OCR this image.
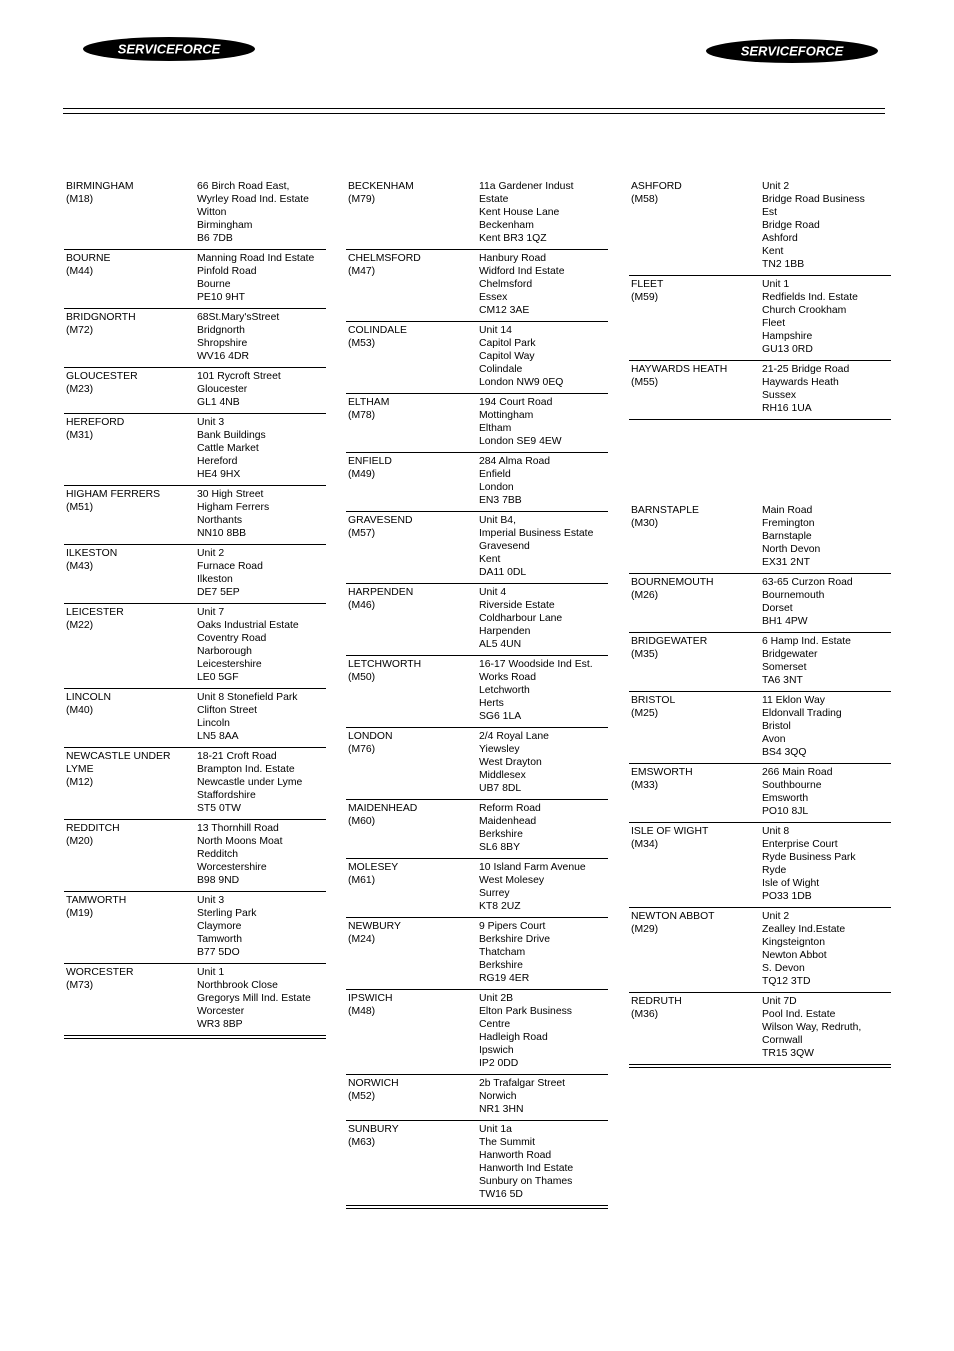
SERVICEFORCE	SERVICEFORCE
BIRMINGHAM
(M18)
66 Birch Road East,
Wyrley Road Ind. Estate
Witton
Birmingham
B6 7DB
BOURNE
(M44)
Manning Road Ind Estate
Pinfold Road
Bourne
PE10 9HT
BRIDGNORTH
(M72)
68St.Mary'sStreet
Bridgnorth
Shropshire
WV16 4DR
GLOUCESTER
(M23)
101 Rycroft Street
Gloucester
GL1 4NB
HEREFORD
(M31)
Unit 3
Bank Buildings
Cattle Market
Hereford
HE4 9HX
HIGHAM FERRERS
(M51)
30 High Street
Higham Ferrers
Northants
NN10 8BB
ILKESTON
(M43)
Unit 2
Furnace Road
Ilkeston
DE7 5EP
LEICESTER
(M22)
Unit 7
Oaks Industrial Estate
Coventry Road
Narborough
Leicestershire
LE0 5GF
LINCOLN
(M40)
Unit 8 Stonefield Park
Clifton Street
Lincoln
LN5 8AA
NEWCASTLE UNDER
LYME
(M12)
18-21 Croft Road
Brampton Ind. Estate
Newcastle under Lyme
Staffordshire
ST5 0TW
REDDITCH
(M20)
13 Thornhill Road
North Moons Moat
Redditch
Worcestershire
B98 9ND
TAMWORTH
(M19)
Unit 3
Sterling Park
Claymore
Tamworth
B77 5DO
WORCESTER
(M73)
Unit 1
Northbrook Close
Gregorys Mill Ind. Estate
Worcester
WR3 8BP
BECKENHAM
(M79)
11a Gardener Indust
Estate
Kent House Lane
Beckenham
Kent BR3 1QZ
CHELMSFORD
(M47)
Hanbury Road
Widford Ind Estate
Chelmsford
Essex
CM12 3AE
COLINDALE
(M53)
Unit 14
Capitol Park
Capitol Way
Colindale
London NW9 0EQ
ELTHAM
(M78)
194 Court Road
Mottingham
Eltham
London SE9 4EW
ENFIELD
(M49)
284 Alma Road
Enfield
London
EN3 7BB
GRAVESEND
(M57)
Unit B4,
Imperial Business Estate
Gravesend
Kent
DA11 0DL
HARPENDEN
(M46)
Unit 4
Riverside Estate
Coldharbour Lane
Harpenden
AL5 4UN
LETCHWORTH
(M50)
16-17 Woodside Ind Est.
Works Road
Letchworth
Herts
SG6 1LA
LONDON
(M76)
2/4 Royal Lane
Yiewsley
West Drayton
Middlesex
UB7 8DL
MAIDENHEAD
(M60)
Reform Road
Maidenhead
Berkshire
SL6 8BY
MOLESEY
(M61)
10 Island Farm Avenue
West Molesey
Surrey
KT8 2UZ
NEWBURY
(M24)
9 Pipers Court
Berkshire Drive
Thatcham
Berkshire
RG19 4ER
IPSWICH
(M48)
Unit 2B
Elton Park Business
Centre
Hadleigh Road
Ipswich
IP2 0DD
NORWICH
(M52)
2b Trafalgar Street
Norwich
NR1 3HN
SUNBURY
(M63)
Unit 1a
The Summit
Hanworth Road
Hanworth Ind Estate
Sunbury on Thames
TW16 5D
ASHFORD
(M58)
Unit 2
Bridge Road Business
Est
Bridge Road
Ashford
Kent
TN2 1BB
FLEET
(M59)
Unit 1
Redfields Ind. Estate
Church Crookham
Fleet
Hampshire
GU13 0RD
HAYWARDS HEATH
(M55)
21-25 Bridge Road
Haywards Heath
Sussex
RH16 1UA
BARNSTAPLE
(M30)
Main Road
Fremington
Barnstaple
North Devon
EX31 2NT
BOURNEMOUTH
(M26)
63-65 Curzon Road
Bournemouth
Dorset
BH1 4PW
BRIDGEWATER
(M35)
6 Hamp Ind. Estate
Bridgewater
Somerset
TA6 3NT
BRISTOL
(M25)
11 Eklon Way
Eldonvall Trading
Bristol
Avon
BS4 3QQ
EMSWORTH
(M33)
266 Main Road
Southbourne
Emsworth
PO10 8JL
ISLE OF WIGHT
(M34)
Unit 8
Enterprise Court
Ryde Business Park
Ryde
Isle of Wight
PO33 1DB
NEWTON ABBOT
(M29)
Unit 2
Zealley Ind.Estate
Kingsteignton
Newton Abbot
S. Devon
TQ12 3TD
REDRUTH
(M36)
Unit 7D
Pool Ind. Estate
Wilson Way, Redruth,
Cornwall
TR15 3QW
